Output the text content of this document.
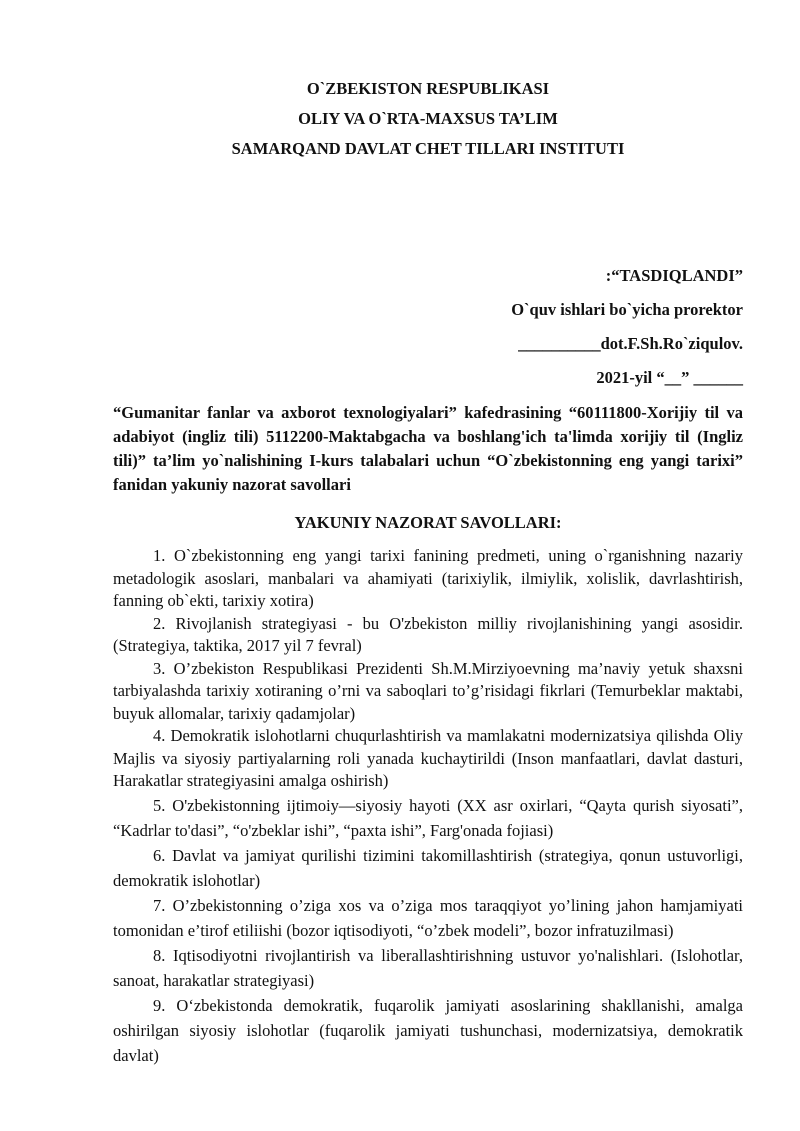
O`ZBEKISTON RESPUBLIKASI

OLIY VA O`RTA-MAXSUS TA’LIM

SAMARQAND DAVLAT CHET TILLARI INSTITUTI

:“TASDIQLANDI”
O`quv ishlari bo`yicha prorektor
__________dot.F.Sh.Ro`ziqulov.
2021-yil “__” ______
“Gumanitar fanlar va axborot texnologiyalari” kafedrasining “60111800-Xorijiy til va adabiyot (ingliz tili) 5112200-Maktabgacha va boshlang'ich ta'limda xorijiy til (Ingliz tili)” ta’lim yo`nalishining I-kurs talabalari uchun “O`zbekistonning eng yangi tarixi” fanidan yakuniy nazorat savollari
YAKUNIY NAZORAT SAVOLLARI:

1. O`zbekistonning eng yangi tarixi fanining predmeti, uning o`rganishning nazariy metadologik asoslari, manbalari va ahamiyati (tarixiylik, ilmiylik, xolislik, davrlashtirish, fanning ob`ekti, tarixiy xotira)

2. Rivojlanish strategiyasi - bu O'zbekiston milliy rivojlanishining yangi asosidir. (Strategiya, taktika, 2017 yil 7 fevral)

3. O’zbekiston Respublikasi Prezidenti Sh.M.Mirziyoevning ma’naviy yetuk shaxsni tarbiyalashda tarixiy xotiraning o’rni va saboqlari to’g’risidagi fikrlari (Temurbeklar maktabi, buyuk allomalar, tarixiy qadamjolar)

4. Demokratik islohotlarni chuqurlashtirish va mamlakatni modernizatsiya qilishda Oliy Majlis va siyosiy partiyalarning roli yanada kuchaytirildi (Inson manfaatlari, davlat dasturi, Harakatlar strategiyasini amalga oshirish)

5. O'zbekistonning ijtimoiy—siyosiy hayoti (XX asr oxirlari, “Qayta qurish siyosati”, “Kadrlar to'dasi”, “o'zbeklar ishi”, “paxta ishi”, Farg'onada fojiasi)

6. Davlat va jamiyat qurilishi tizimini takomillashtirish (strategiya, qonun ustuvorligi, demokratik islohotlar)

7. O’zbekistonning o’ziga xos va o’ziga mos taraqqiyot yo’lining jahon hamjamiyati tomonidan e’tirof etiliishi (bozor iqtisodiyoti, “o’zbek modeli”, bozor infratuzilmasi)

8. Iqtisodiyotni rivojlantirish va liberallashtirishning ustuvor yo'nalishlari. (Islohotlar, sanoat, harakatlar strategiyasi)

9. O‘zbekistonda demokratik, fuqarolik jamiyati asoslarining shakllanishi, amalga oshirilgan siyosiy islohotlar (fuqarolik jamiyati tushunchasi, modernizatsiya, demokratik davlat)
